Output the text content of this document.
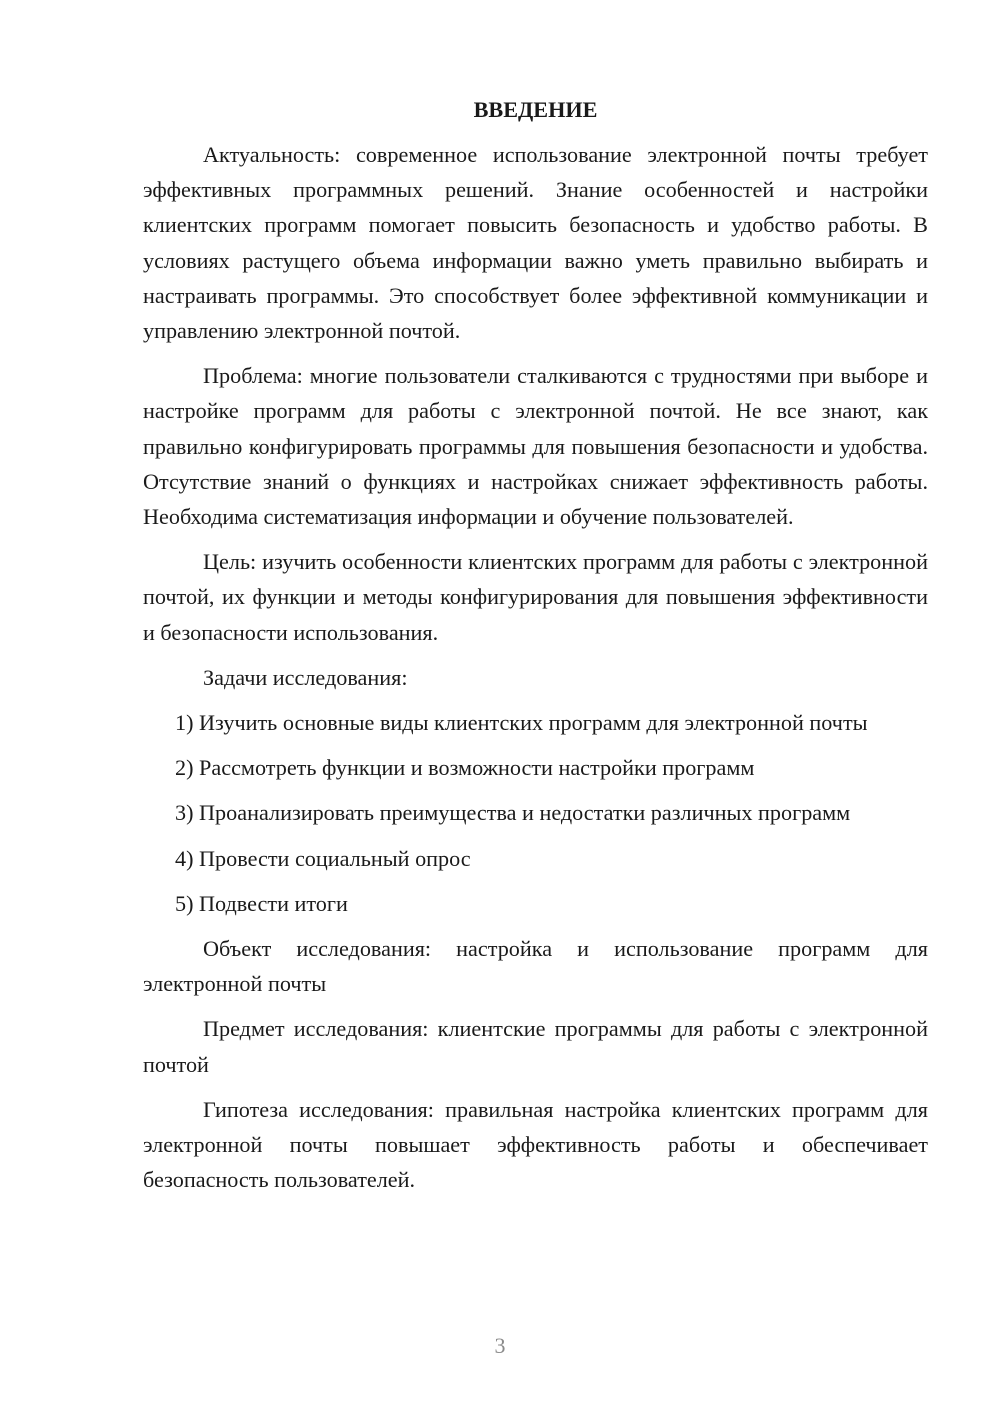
ВВЕДЕНИЕ

Актуальность: современное использование электронной почты требует эффективных программных решений. Знание особенностей и настройки клиентских программ помогает повысить безопасность и удобство работы. В условиях растущего объема информации важно уметь правильно выбирать и настраивать программы. Это способствует более эффективной коммуникации и управлению электронной почтой.

Проблема: многие пользователи сталкиваются с трудностями при выборе и настройке программ для работы с электронной почтой. Не все знают, как правильно конфигурировать программы для повышения безопасности и удобства. Отсутствие знаний о функциях и настройках снижает эффективность работы. Необходима систематизация информации и обучение пользователей.

Цель: изучить особенности клиентских программ для работы с электронной почтой, их функции и методы конфигурирования для повышения эффективности и безопасности использования.

Задачи исследования:

1) Изучить основные виды клиентских программ для электронной почты

2) Рассмотреть функции и возможности настройки программ

3) Проанализировать преимущества и недостатки различных программ

4) Провести социальный опрос

5) Подвести итоги

Объект исследования: настройка и использование программ для электронной почты

Предмет исследования: клиентские программы для работы с электронной почтой

Гипотеза исследования: правильная настройка клиентских программ для электронной почты повышает эффективность работы и обеспечивает безопасность пользователей.

3
